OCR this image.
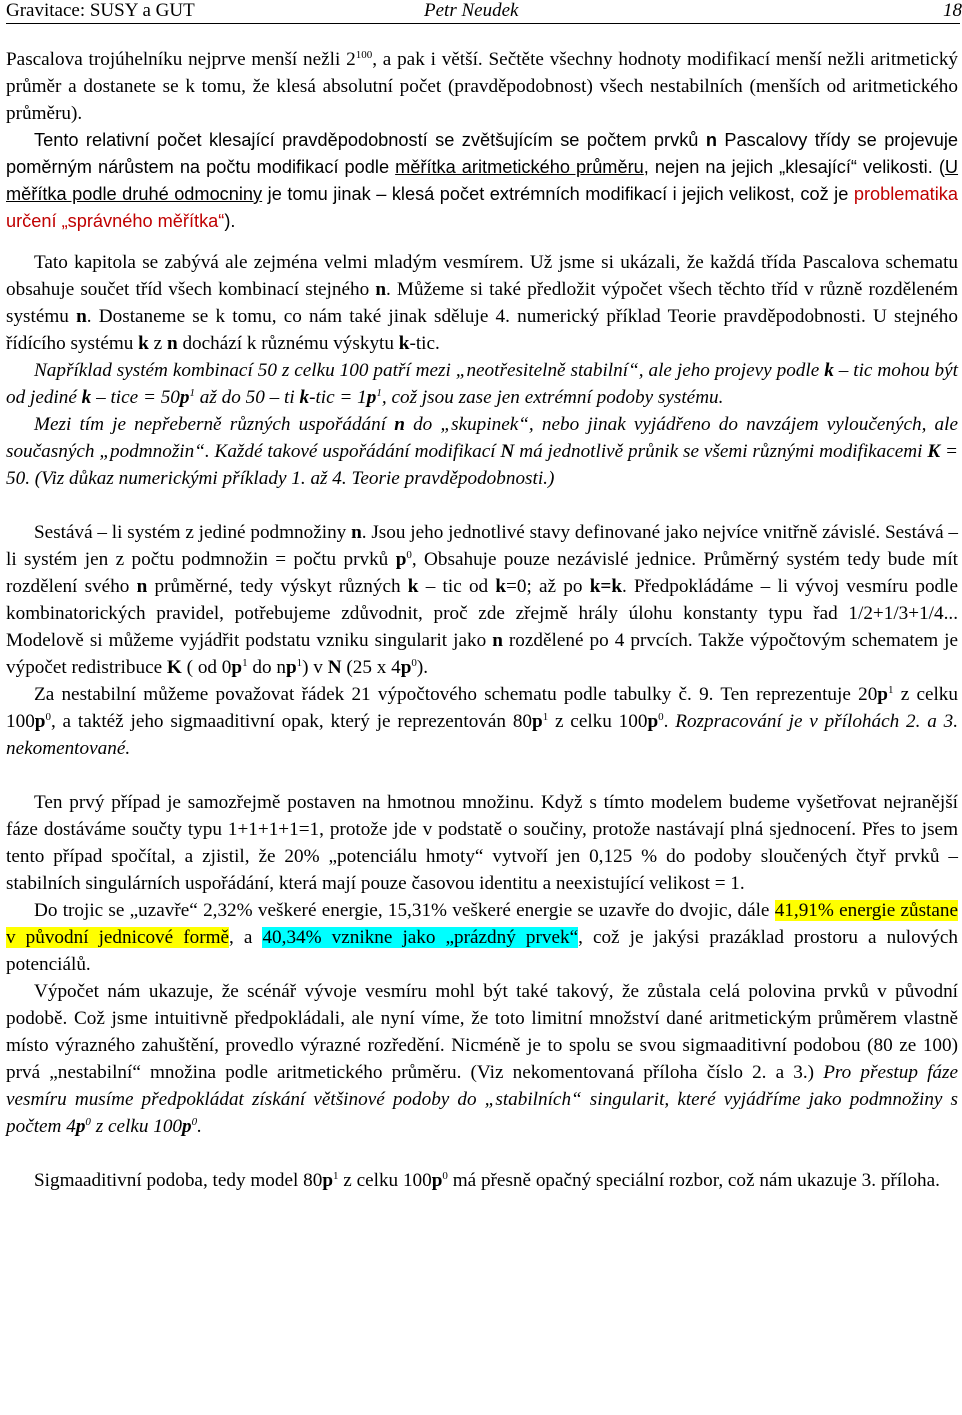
Gravitace: SUSY a GUT	Petr Neudek	18

Pascalova trojúhelníku nejprve menší nežli $2^{100}$, a pak i větší. Sečtěte všechny hodnoty modifikací menší nežli aritmetický průměr a dostanete se k tomu, že klesá absolutní počet (pravděpodobnost) všech nestabilních (menších od aritmetického průměru).

Tento relativní počet klesající pravděpodobností se zvětšujícím se počtem prvků n Pascalovy třídy se projevuje poměrným nárůstem na počtu modifikací podle měřítka aritmetického průměru, nejen na jejich „klesající“ velikosti. (U měřítka podle druhé odmocniny je tomu jinak – klesá počet extrémních modifikací i jejich velikost, což je problematika určení „správného měřítka“).

Tato kapitola se zabývá ale zejména velmi mladým vesmírem. Už jsme si ukázali, že každá třída Pascalova schematu obsahuje součet tříd všech kombinací stejného n. Můžeme si také předložit výpočet všech těchto tříd v různě rozděleném systému n. Dostaneme se k tomu, co nám také jinak sděluje 4. numerický příklad Teorie pravděpodobnosti. U stejného řídícího systému k z n dochází k různému výskytu k-tic.

Například systém kombinací 50 z celku 100 patří mezi „neotřesitelně stabilní“, ale jeho projevy podle k – tic mohou být od jediné k – tice = $50p^1$ až do 50 – ti $k-tic = 1p^1$, což jsou zase jen extrémní podoby systému.

Mezi tím je nepřeberně různých uspořádání n do „skupinek“, nebo jinak vyjádřeno do navzájem vyloučených, ale současných „podmnožin“. Každé takové uspořádání modifikací N má jednotlivě průnik se všemi různými modifikacemi K = 50. (Viz důkaz numerickými příklady 1. až 4. Teorie pravděpodobnosti.)

Sestává – li systém z jediné podmnožiny n. Jsou jeho jednotlivé stavy definované jako nejvíce vnitřně závislé. Sestává – li systém jen z počtu podmnožin = počtu prvků $p^0$, Obsahuje pouze nezávislé jednice. Průměrný systém tedy bude mít rozdělení svého n průměrné, tedy výskyt různých k – tic od k=0; až po k=k. Předpokládáme – li vývoj vesmíru podle kombinatorických pravidel, potřebujeme zdůvodnit, proč zde zřejmě hrály úlohu konstanty typu řad 1/2+1/3+1/4... Modelově si můžeme vyjádřit podstatu vzniku singularit jako n rozdělené po 4 prvcích. Takže výpočtovým schematem je výpočet redistribuce K ( od $0p^1$ do $np^1$) v N (25 x $4p^0$).

Za nestabilní můžeme považovat řádek 21 výpočtového schematu podle tabulky č. 9. Ten reprezentuje $20p^1$ z celku $100p^0$, a taktéž jeho sigmaaditivní opak, který je reprezentován $80p^1$ z celku $100p^0$. Rozpracování je v přílohách 2. a 3. nekomentované.

Ten prvý případ je samozřejmě postaven na hmotnou množinu. Když s tímto modelem budeme vyšetřovat nejranější fáze dostáváme součty typu 1+1+1+1=1, protože jde v podstatě o součiny, protože nastávají plná sjednocení. Přes to jsem tento případ spočítal, a zjistil, že 20% „potenciálu hmoty“ vytvoří jen 0,125 % do podoby sloučených čtyř prvků – stabilních singulárních uspořádání, která mají pouze časovou identitu a neexistující velikost = 1.

Do trojic se „uzavře“ 2,32% veškeré energie, 15,31% veškeré energie se uzavře do dvojic, dále 41,91% energie zůstane v původní jednicové formě, a 40,34% vznikne jako „prázdný prvek“, což je jakýsi prazáklad prostoru a nulových potenciálů.

Výpočet nám ukazuje, že scénář vývoje vesmíru mohl být také takový, že zůstala celá polovina prvků v původní podobě. Což jsme intuitivně předpokládali, ale nyní víme, že toto limitní množství dané aritmetickým průměrem vlastně místo výrazného zahuštění, provedlo výrazné rozředění. Nicméně je to spolu se svou sigmaaditivní podobou (80 ze 100) prvá „nestabilní“ množina podle aritmetického průměru. (Viz nekomentovaná příloha číslo 2. a 3.) Pro přestup fáze vesmíru musíme předpokládat získání většinové podoby do „stabilních“ singularit, které vyjádříme jako podmnožiny s počtem $4p^0$ z celku $100p^0$.

Sigmaaditivní podoba, tedy model $80p^1$ z celku $100p^0$ má přesně opačný speciální rozbor, což nám ukazuje 3. příloha.
